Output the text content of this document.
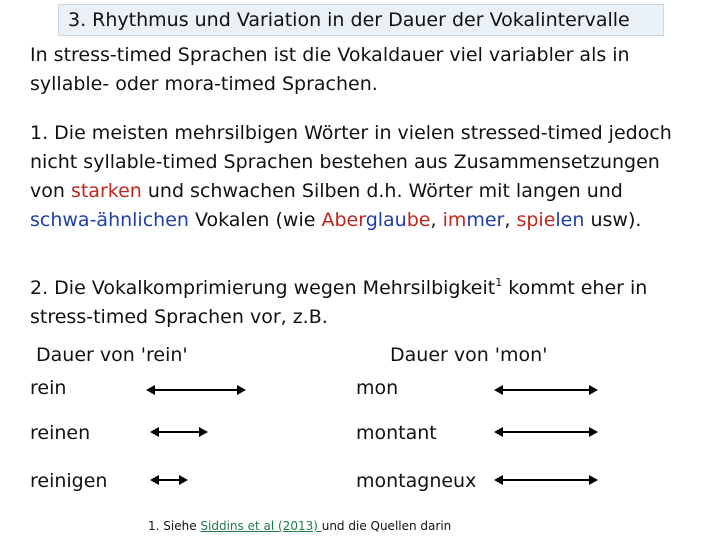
3. Rhythmus und Variation in der Dauer der Vokalintervalle

In stress-timed Sprachen ist die Vokaldauer viel variabler als in syllable- oder mora-timed Sprachen.

1. Die meisten mehrsilbigen Wörter in vielen stressed-timed jedoch nicht syllable-timed Sprachen bestehen aus Zusammensetzungen von starken und schwachen Silben d.h. Wörter mit langen und schwa-ähnlichen Vokalen (wie Aberglaube, immer, spielen usw).

2. Die Vokalkomprimierung wegen Mehrsilbigkeit$^1$ kommt eher in stress-timed Sprachen vor, z.B.

Dauer von 'rein'	Dauer von 'mon'
rein
reinen
reinigen
mon
montant
montagneux
1. Siehe Siddins et al (2013) und die Quellen darin
